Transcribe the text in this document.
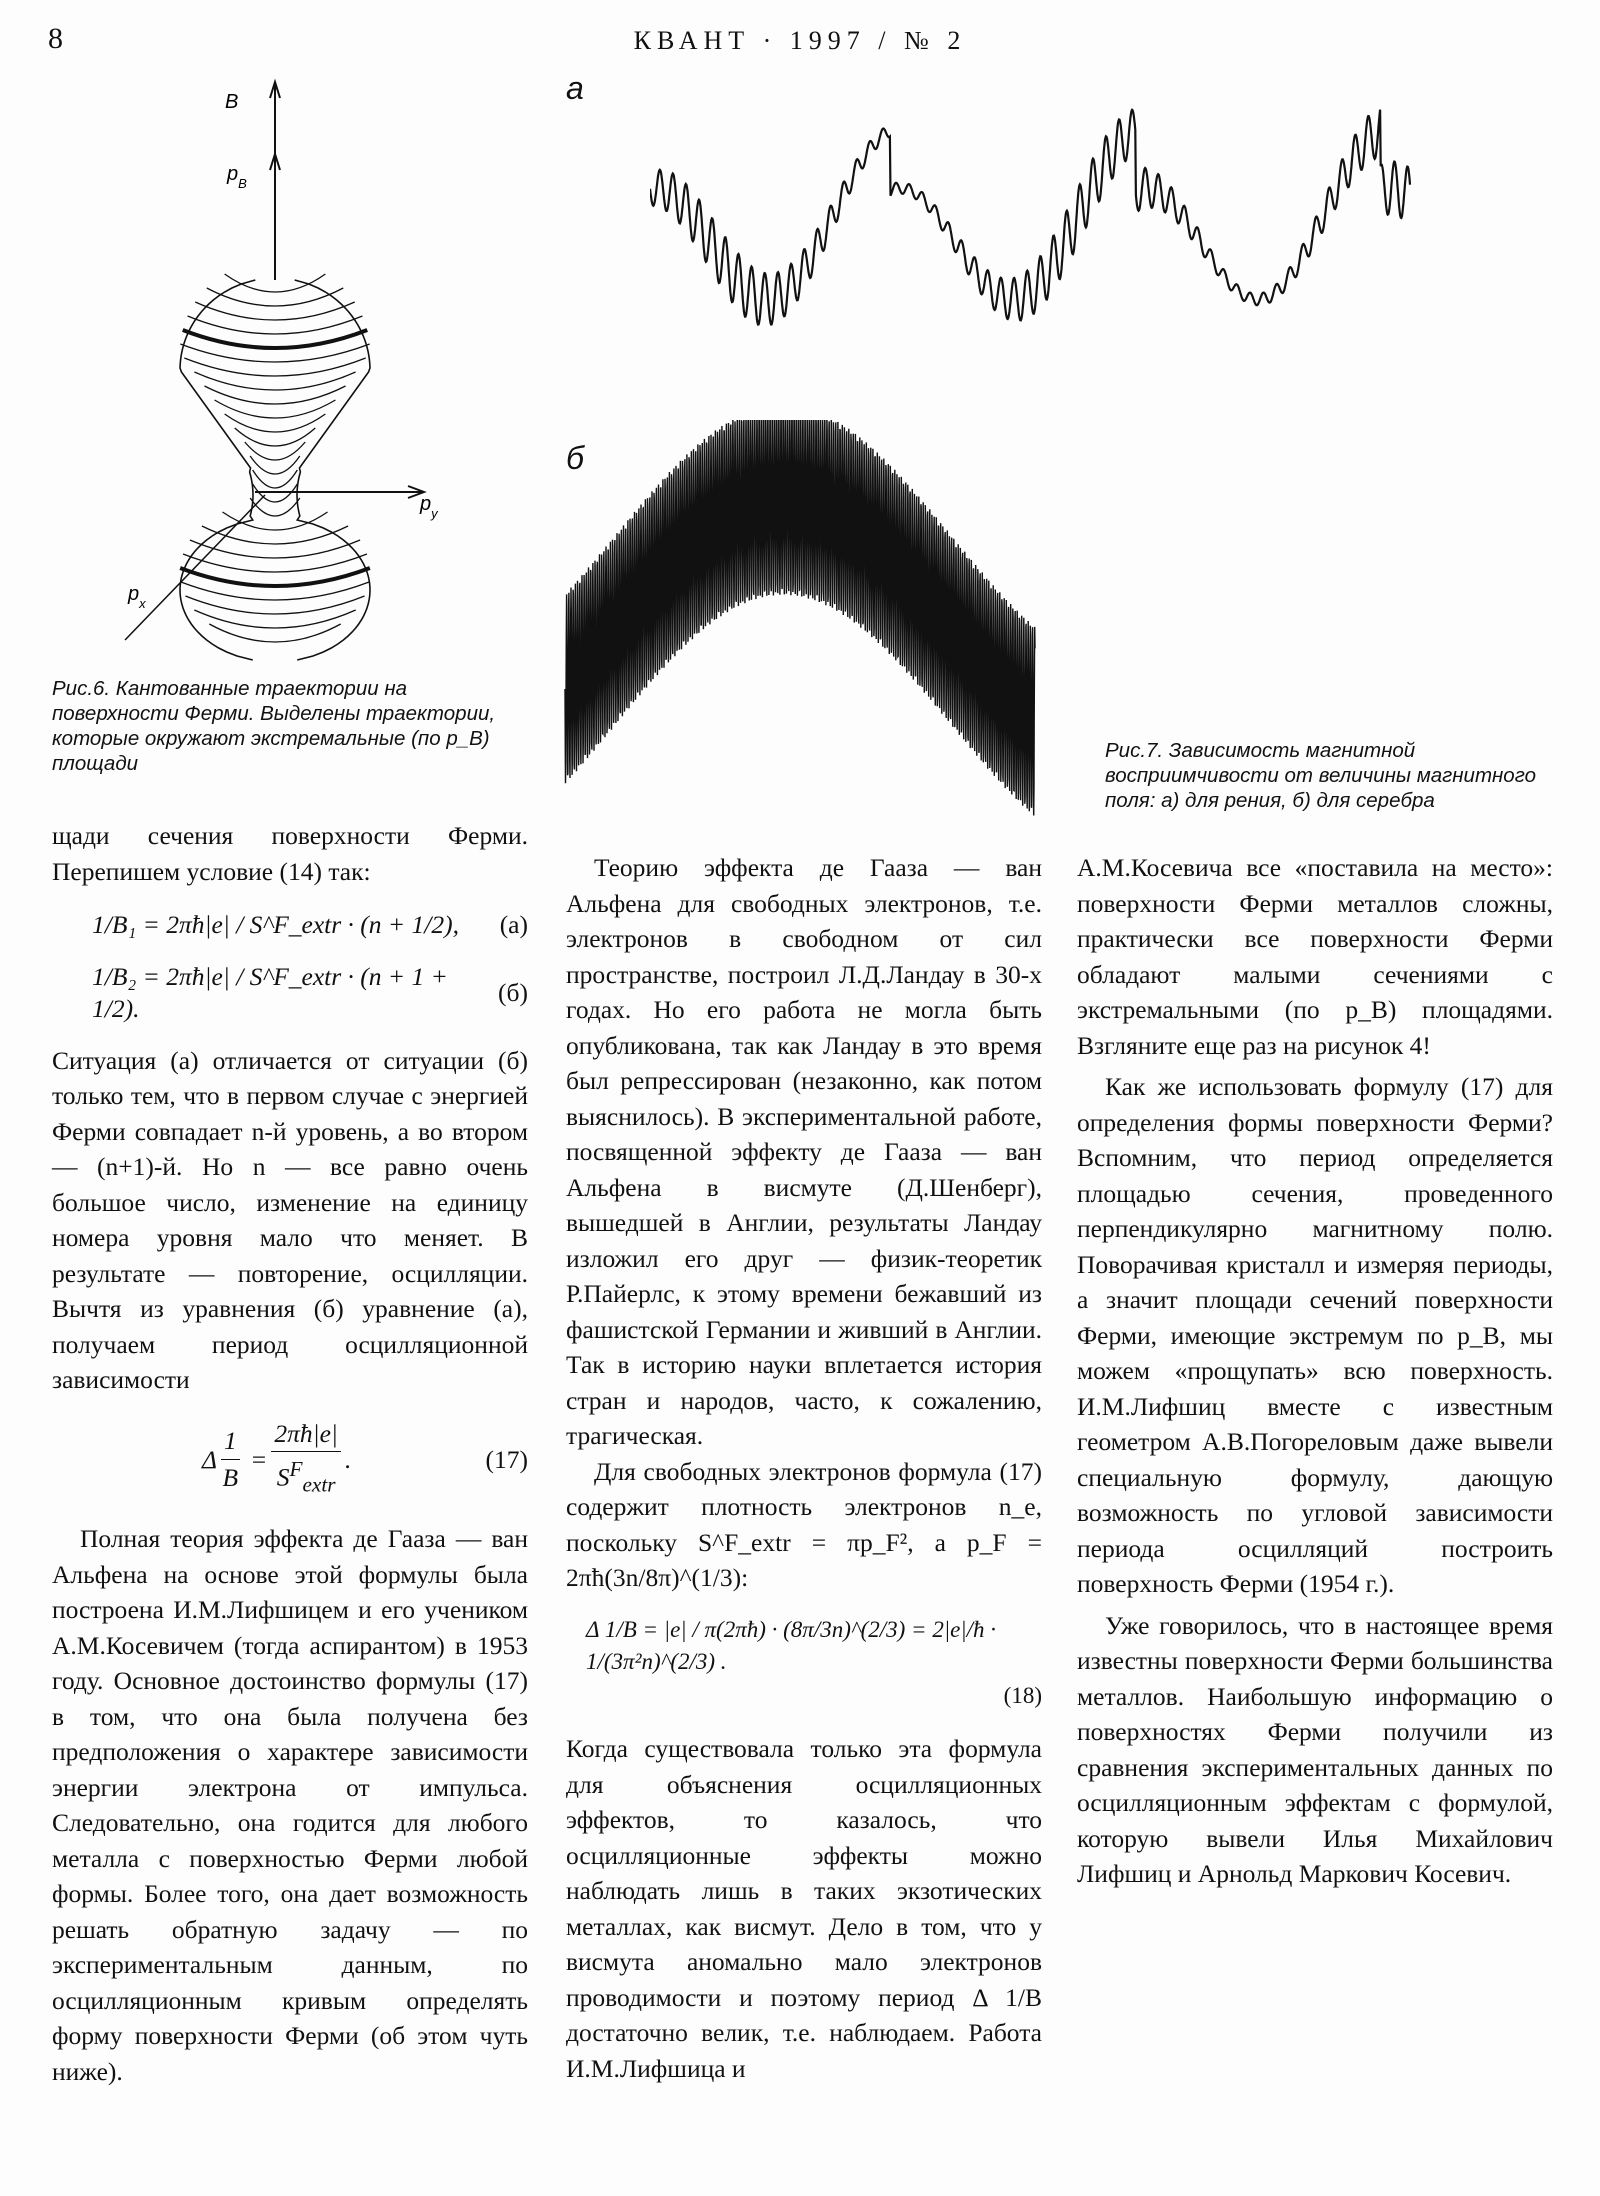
8	КВАНТ · 1997 / № 2
B
$p_B$
$p_y$
$p_x$
Рис.6. Кантованные траектории на поверхности Ферми. Выделены траектории, которые окружают экстремальные (по p_B) площади
а
б
Рис.7. Зависимость магнитной восприимчивости от величины магнитного поля: а) для рения, б) для серебра

щади сечения поверхности Ферми. Перепишем условие (14) так:

1/B₁ = 2πħ|e| / S^F_extr · (n + 1/2), (а)
1/B₂ = 2πħ|e| / S^F_extr · (n + 1 + 1/2).
(б)

Ситуация (а) отличается от ситуации (б) только тем, что в первом случае с энергией Ферми совпадает n-й уровень, а во втором — (n+1)-й. Но n — все равно очень большое число, изменение на единицу номера уровня мало что меняет. В результате — повторение, осцилляции. Вычтя из уравнения (б) уравнение (а), получаем период осцилляционной зависимости

Δ $\frac{1}{B} = \frac{2\pi ħ|e|}{S^F_{extr}}$ .	(17)

Полная теория эффекта де Гааза — ван Альфена на основе этой формулы была построена И.М.Лифшицем и его учеником А.М.Косевичем (тогда аспирантом) в 1953 году. Основное достоинство формулы (17) в том, что она была получена без предположения о характере зависимости энергии электрона от импульса. Следовательно, она годится для любого металла с поверхностью Ферми любой формы. Более того, она дает возможность решать обратную задачу — по экспериментальным данным, по осцилляционным кривым определять форму поверхности Ферми (об этом чуть ниже).

Теорию эффекта де Гааза — ван Альфена для свободных электронов, т.е. электронов в свободном от сил пространстве, построил Л.Д.Ландау в 30-х годах. Но его работа не могла быть опубликована, так как Ландау в это время был репрессирован (незаконно, как потом выяснилось). В экспериментальной работе, посвященной эффекту де Гааза — ван Альфена в висмуте (Д.Шенберг), вышедшей в Англии, результаты Ландау изложил его друг — физик-теоретик Р.Пайерлс, к этому времени бежавший из фашистской Германии и живший в Англии. Так в историю науки вплетается история стран и народов, часто, к сожалению, трагическая.

Для свободных электронов формула (17) содержит плотность электронов n_e, поскольку S^F_extr = πp_F², а p_F = 2πħ(3n/8π)^(1/3):

Δ 1/B = |e| / π(2πħ) · (8π/3n)^(2/3) = 2|e|/ħ · 1/(3π²n)^(2/3) .
(18)

Когда существовала только эта формула для объяснения осцилляционных эффектов, то казалось, что осцилляционные эффекты можно наблюдать лишь в таких экзотических металлах, как висмут. Дело в том, что у висмута аномально мало электронов проводимости и поэтому период Δ 1/B достаточно велик, т.е. наблюдаем. Работа И.М.Лифшица и

А.М.Косевича все «поставила на место»: поверхности Ферми металлов сложны, практически все поверхности Ферми обладают малыми сечениями с экстремальными (по p_B) площадями. Взгляните еще раз на рисунок 4!

Как же использовать формулу (17) для определения формы поверхности Ферми? Вспомним, что период определяется площадью сечения, проведенного перпендикулярно магнитному полю. Поворачивая кристалл и измеряя периоды, а значит площади сечений поверхности Ферми, имеющие экстремум по p_B, мы можем «прощупать» всю поверхность. И.М.Лифшиц вместе с известным геометром А.В.Погореловым даже вывели специальную формулу, дающую возможность по угловой зависимости периода осцилляций построить поверхность Ферми (1954 г.).

Уже говорилось, что в настоящее время известны поверхности Ферми большинства металлов. Наибольшую информацию о поверхностях Ферми получили из сравнения экспериментальных данных по осцилляционным эффектам с формулой, которую вывели Илья Михайлович Лифшиц и Арнольд Маркович Косевич.
